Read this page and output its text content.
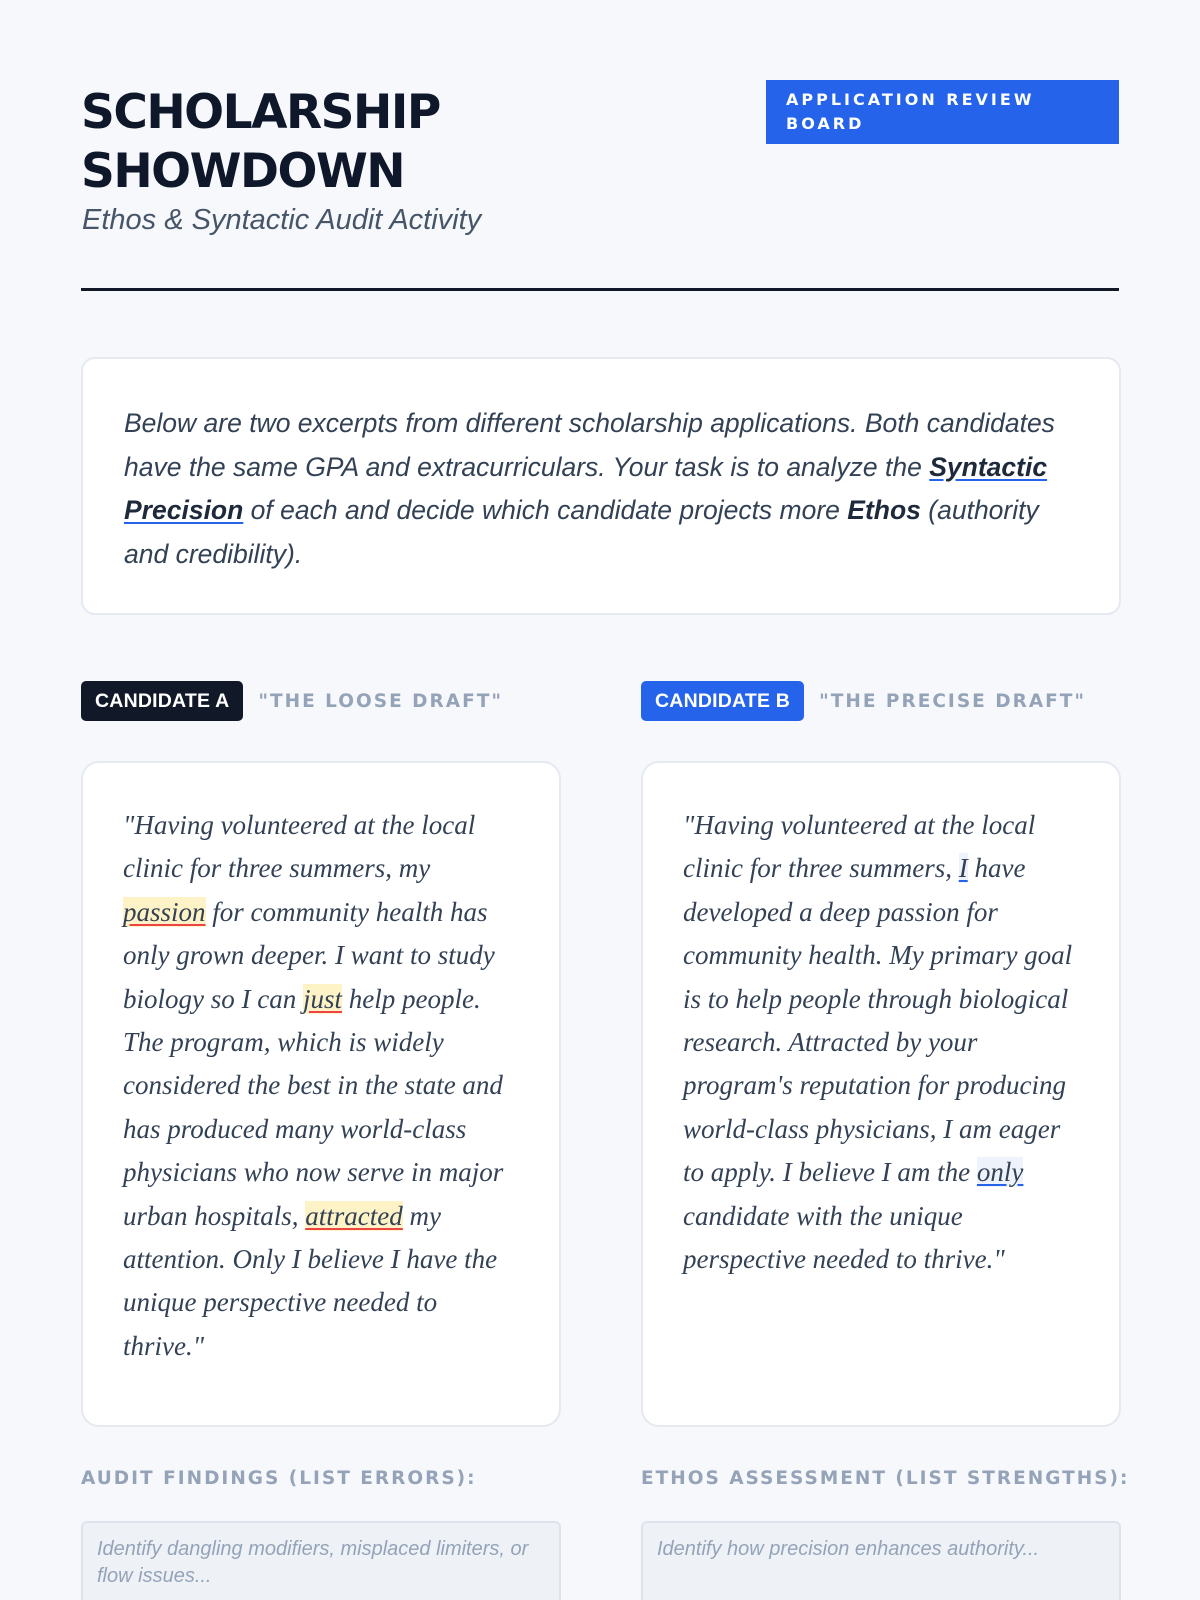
SCHOLARSHIP SHOWDOWN
Ethos & Syntactic Audit Activity
APPLICATION REVIEW BOARD
Below are two excerpts from different scholarship applications. Both candidates have the same GPA and extracurriculars. Your task is to analyze the Syntactic Precision of each and decide which candidate projects more Ethos (authority and credibility).
CANDIDATE A	"THE LOOSE DRAFT"
"Having volunteered at the local clinic for three summers, my passion for community health has only grown deeper. I want to study biology so I can just help people. The program, which is widely considered the best in the state and has produced many world-class physicians who now serve in major urban hospitals, attracted my attention. Only I believe I have the unique perspective needed to thrive."
CANDIDATE B	"THE PRECISE DRAFT"
"Having volunteered at the local clinic for three summers, I have developed a deep passion for community health. My primary goal is to help people through biological research. Attracted by your program's reputation for producing world-class physicians, I am eager to apply. I believe I am the only candidate with the unique perspective needed to thrive."
AUDIT FINDINGS (LIST ERRORS):
Identify dangling modifiers, misplaced limiters, or flow issues...	ETHOS ASSESSMENT (LIST STRENGTHS):
Identify how precision enhances authority...
